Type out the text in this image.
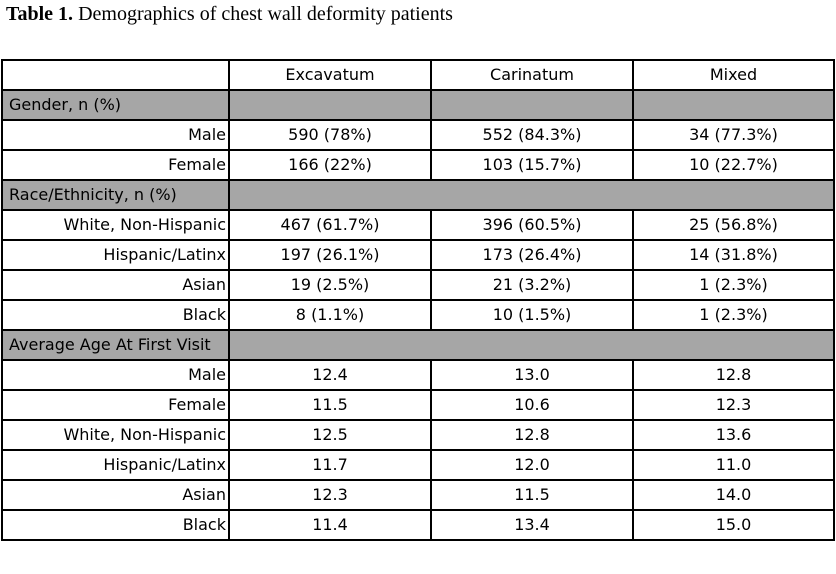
Table 1. Demographics of chest wall deformity patients
	Excavatum	Carinatum	Mixed
Gender, n (%)			
Male	590 (78%)	552 (84.3%)	34 (77.3%)
Female	166 (22%)	103 (15.7%)	10 (22.7%)
Race/Ethnicity, n (%)			
White, Non-Hispanic	467 (61.7%)	396 (60.5%)	25 (56.8%)
Hispanic/Latinx	197 (26.1%)	173 (26.4%)	14 (31.8%)
Asian	19 (2.5%)	21 (3.2%)	1 (2.3%)
Black	8 (1.1%)	10 (1.5%)	1 (2.3%)
Average Age At First Visit			
Male	12.4	13.0	12.8
Female	11.5	10.6	12.3
White, Non-Hispanic	12.5	12.8	13.6
Hispanic/Latinx	11.7	12.0	11.0
Asian	12.3	11.5	14.0
Black	11.4	13.4	15.0
